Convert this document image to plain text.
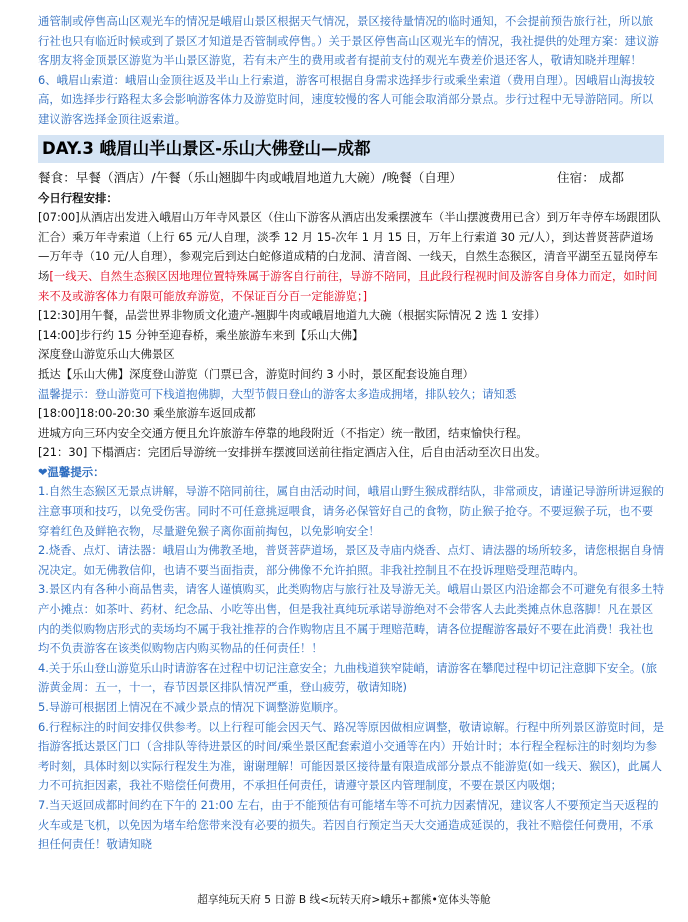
通管制或停售高山区观光车的情况是峨眉山景区根据天气情况，景区接待量情况的临时通知，不会提前预告旅行社，所以旅行社也只有临近时候或到了景区才知道是否管制或停售。）关于景区停售高山区观光车的情况，我社提供的处理方案：建议游客朋友将金顶景区游览为半山景区游览，若有未产生的费用或者有提前支付的观光车费差价退还客人，敬请知晓并理解！

6、峨眉山索道：峨眉山金顶往返及半山上行索道，游客可根据自身需求选择步行或乘坐索道（费用自理）。因峨眉山海拔较高，如选择步行路程太多会影响游客体力及游览时间，速度较慢的客人可能会取消部分景点。步行过程中无导游陪同。所以建议游客选择金顶往返索道。

DAY.3 峨眉山半山景区-乐山大佛登山—成都
餐食：早餐（酒店）/午餐（乐山翘脚牛肉或峨眉地道九大碗）/晚餐（自理）	住宿： 成都

今日行程安排：

[07:00]从酒店出发进入峨眉山万年寺风景区（住山下游客从酒店出发乘摆渡车（半山摆渡费用已含）到万年寺停车场跟团队汇合）乘万年寺索道（上行 65 元/人自理，淡季 12 月 15-次年 1 月 15 日，万年上行索道 30 元/人），到达普贤菩萨道场—万年寺（10 元/人自理），参观完后到达白蛇修道成精的白龙洞、清音阁、一线天，自然生态猴区，清音平湖至五显岗停车场[一线天、自然生态猴区因地理位置特殊属于游客自行前往，导游不陪同，且此段行程视时间及游客自身体力而定，如时间来不及或游客体力有限可能放弃游览，不保证百分百一定能游览；]

[12:30]用午餐，品尝世界非物质文化遗产-翘脚牛肉或峨眉地道九大碗（根据实际情况 2 选 1 安排）

[14:00]步行约 15 分钟至迎春桥，乘坐旅游车来到【乐山大佛】

深度登山游览乐山大佛景区

抵达【乐山大佛】深度登山游览（门票已含，游览时间约 3 小时，景区配套设施自理）

温馨提示：登山游览可下栈道抱佛脚，大型节假日登山的游客太多造成拥堵，排队较久；请知悉

[18:00]18:00-20:30 乘坐旅游车返回成都

进城方向三环内安全交通方便且允许旅游车停靠的地段附近（不指定）统一散团，结束愉快行程。

[21：30] 下榻酒店：完团后导游统一安排拼车摆渡回送前往指定酒店入住，后自由活动至次日出发。

❤温馨提示：

1.自然生态猴区无景点讲解，导游不陪同前往，属自由活动时间，峨眉山野生猴成群结队，非常顽皮，请谨记导游所讲逗猴的注意事项和技巧，以免受伤害。同时不可任意挑逗喂食，请务必保管好自己的食物，防止猴子抢夺。不要逗猴子玩，也不要穿着红色及鲜艳衣物，尽量避免猴子离你面前掏包，以免影响安全！

2.烧香、点灯、请法器：峨眉山为佛教圣地，普贤菩萨道场，景区及寺庙内烧香、点灯、请法器的场所较多，请您根据自身情况决定。如无佛教信仰，也请不要当面指责，部分佛像不允许拍照。非我社控制且不在投诉理赔受理范畴内。

3.景区内有各种小商品售卖，请客人谨慎购买，此类购物店与旅行社及导游无关。峨眉山景区内沿途都会不可避免有很多土特产小摊点：如茶叶、药材、纪念品、小吃等出售，但是我社真纯玩承诺导游绝对不会带客人去此类摊点休息落脚！凡在景区内的类似购物店形式的卖场均不属于我社推荐的合作购物店且不属于理赔范畴，请各位提醒游客最好不要在此消费！我社也均不负责游客在该类似购物店内购买物品的任何责任！！

4.关于乐山登山游览乐山时请游客在过程中切记注意安全；九曲栈道狭窄陡峭，请游客在攀爬过程中切记注意脚下安全。(旅游黄金周：五一，十一，春节因景区排队情况严重，登山疲劳，敬请知晓)

5.导游可根据团上情况在不减少景点的情况下调整游览顺序。

6.行程标注的时间安排仅供参考。以上行程可能会因天气、路况等原因做相应调整，敬请谅解。行程中所列景区游览时间，是指游客抵达景区门口（含排队等待进景区的时间/乘坐景区配套索道小交通等在内）开始计时；本行程全程标注的时刻均为参考时刻，具体时刻以实际行程发生为准，谢谢理解！可能因景区接待量有限造成部分景点不能游览(如一线天、猴区)，此属人力不可抗拒因素，我社不赔偿任何费用，不承担任何责任，请遵守景区内管理制度，不要在景区内吸烟；

7.当天返回成都时间约在下午的 21:00 左右，由于不能预估有可能堵车等不可抗力因素情况，建议客人不要预定当天返程的火车或是飞机，以免因为堵车给您带来没有必要的损失。若因自行预定当天大交通造成延误的，我社不赔偿任何费用，不承担任何责任！敬请知晓

超享纯玩天府 5 日游 B 线<玩转天府>峨乐+都熊•宽体头等舱
